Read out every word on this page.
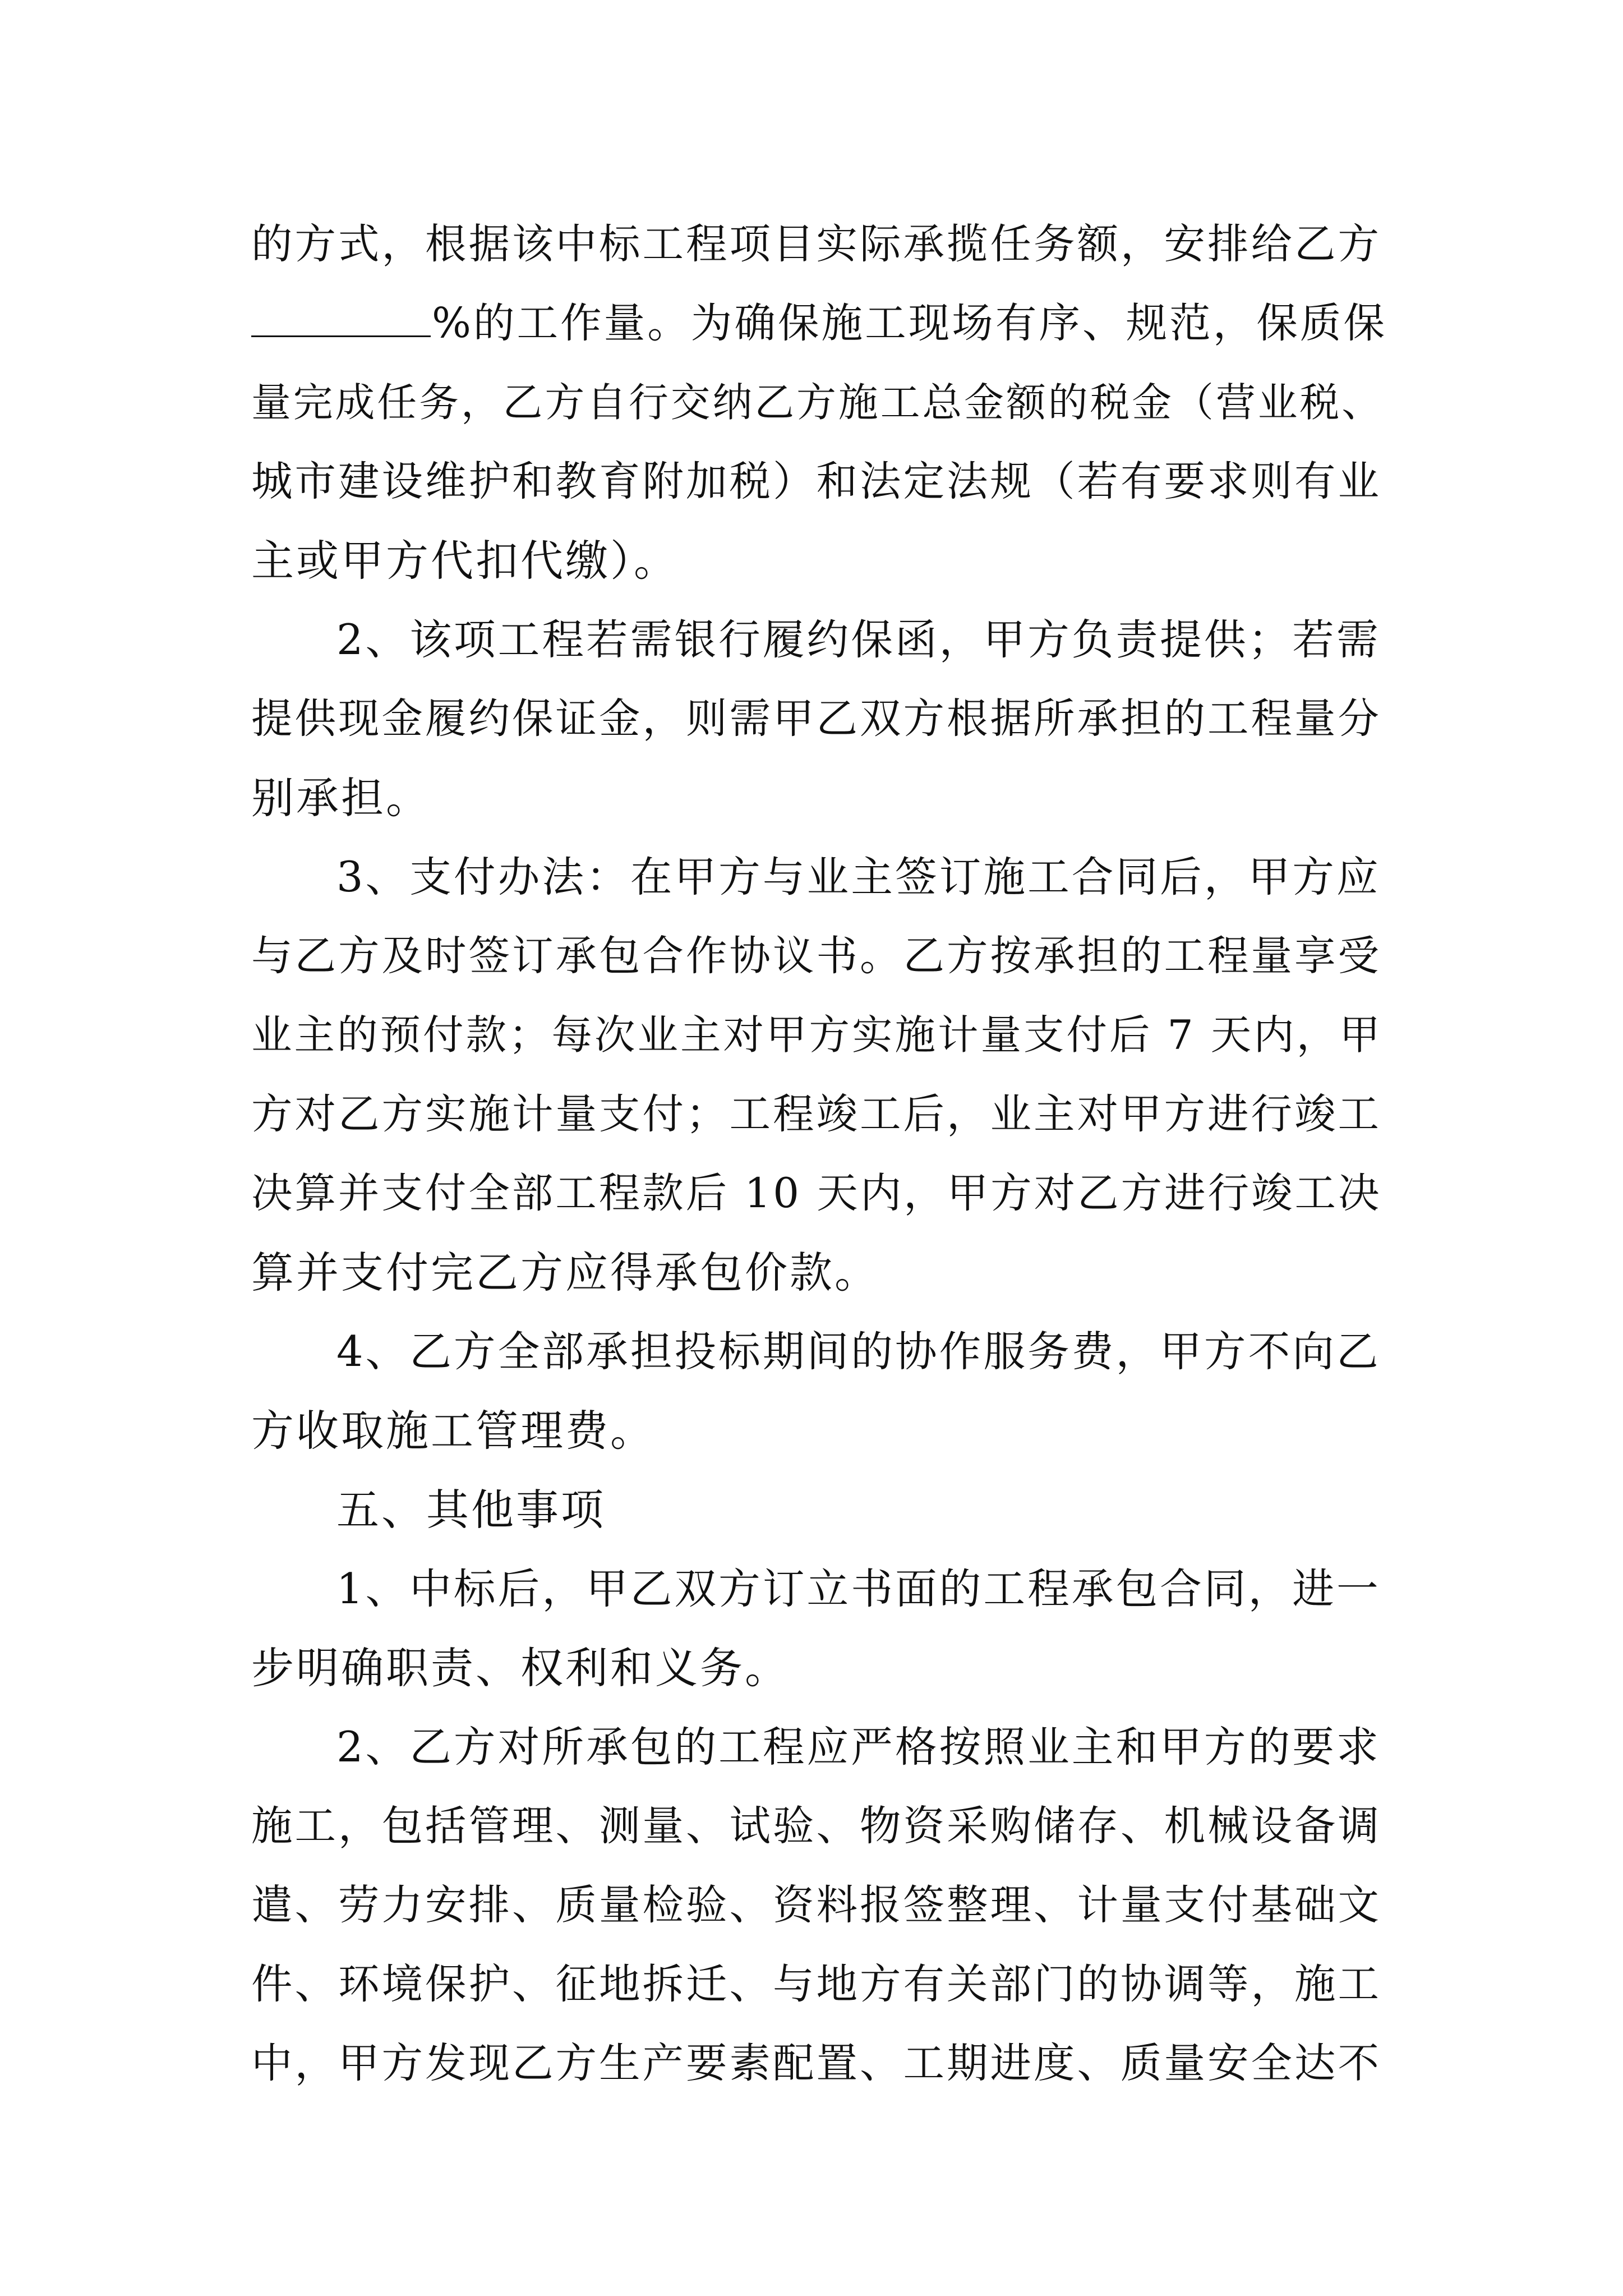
的方式，根据该中标工程项目实际承揽任务额，安排给乙方
%的工作量。为确保施工现场有序、规范，保质保
量完成任务，乙方自行交纳乙方施工总金额的税金（营业税、
城市建设维护和教育附加税）和法定法规（若有要求则有业
主或甲方代扣代缴）。
2、该项工程若需银行履约保函，甲方负责提供；若需
提供现金履约保证金，则需甲乙双方根据所承担的工程量分
别承担。
3、支付办法：在甲方与业主签订施工合同后，甲方应
与乙方及时签订承包合作协议书。乙方按承担的工程量享受
业主的预付款；每次业主对甲方实施计量支付后 7 天内，甲
方对乙方实施计量支付；工程竣工后，业主对甲方进行竣工
决算并支付全部工程款后 10 天内，甲方对乙方进行竣工决
算并支付完乙方应得承包价款。
4、乙方全部承担投标期间的协作服务费，甲方不向乙
方收取施工管理费。
五、其他事项
1、中标后，甲乙双方订立书面的工程承包合同，进一
步明确职责、权利和义务。
2、乙方对所承包的工程应严格按照业主和甲方的要求
施工，包括管理、测量、试验、物资采购储存、机械设备调
遣、劳力安排、质量检验、资料报签整理、计量支付基础文
件、环境保护、征地拆迁、与地方有关部门的协调等，施工
中，甲方发现乙方生产要素配置、工期进度、质量安全达不
